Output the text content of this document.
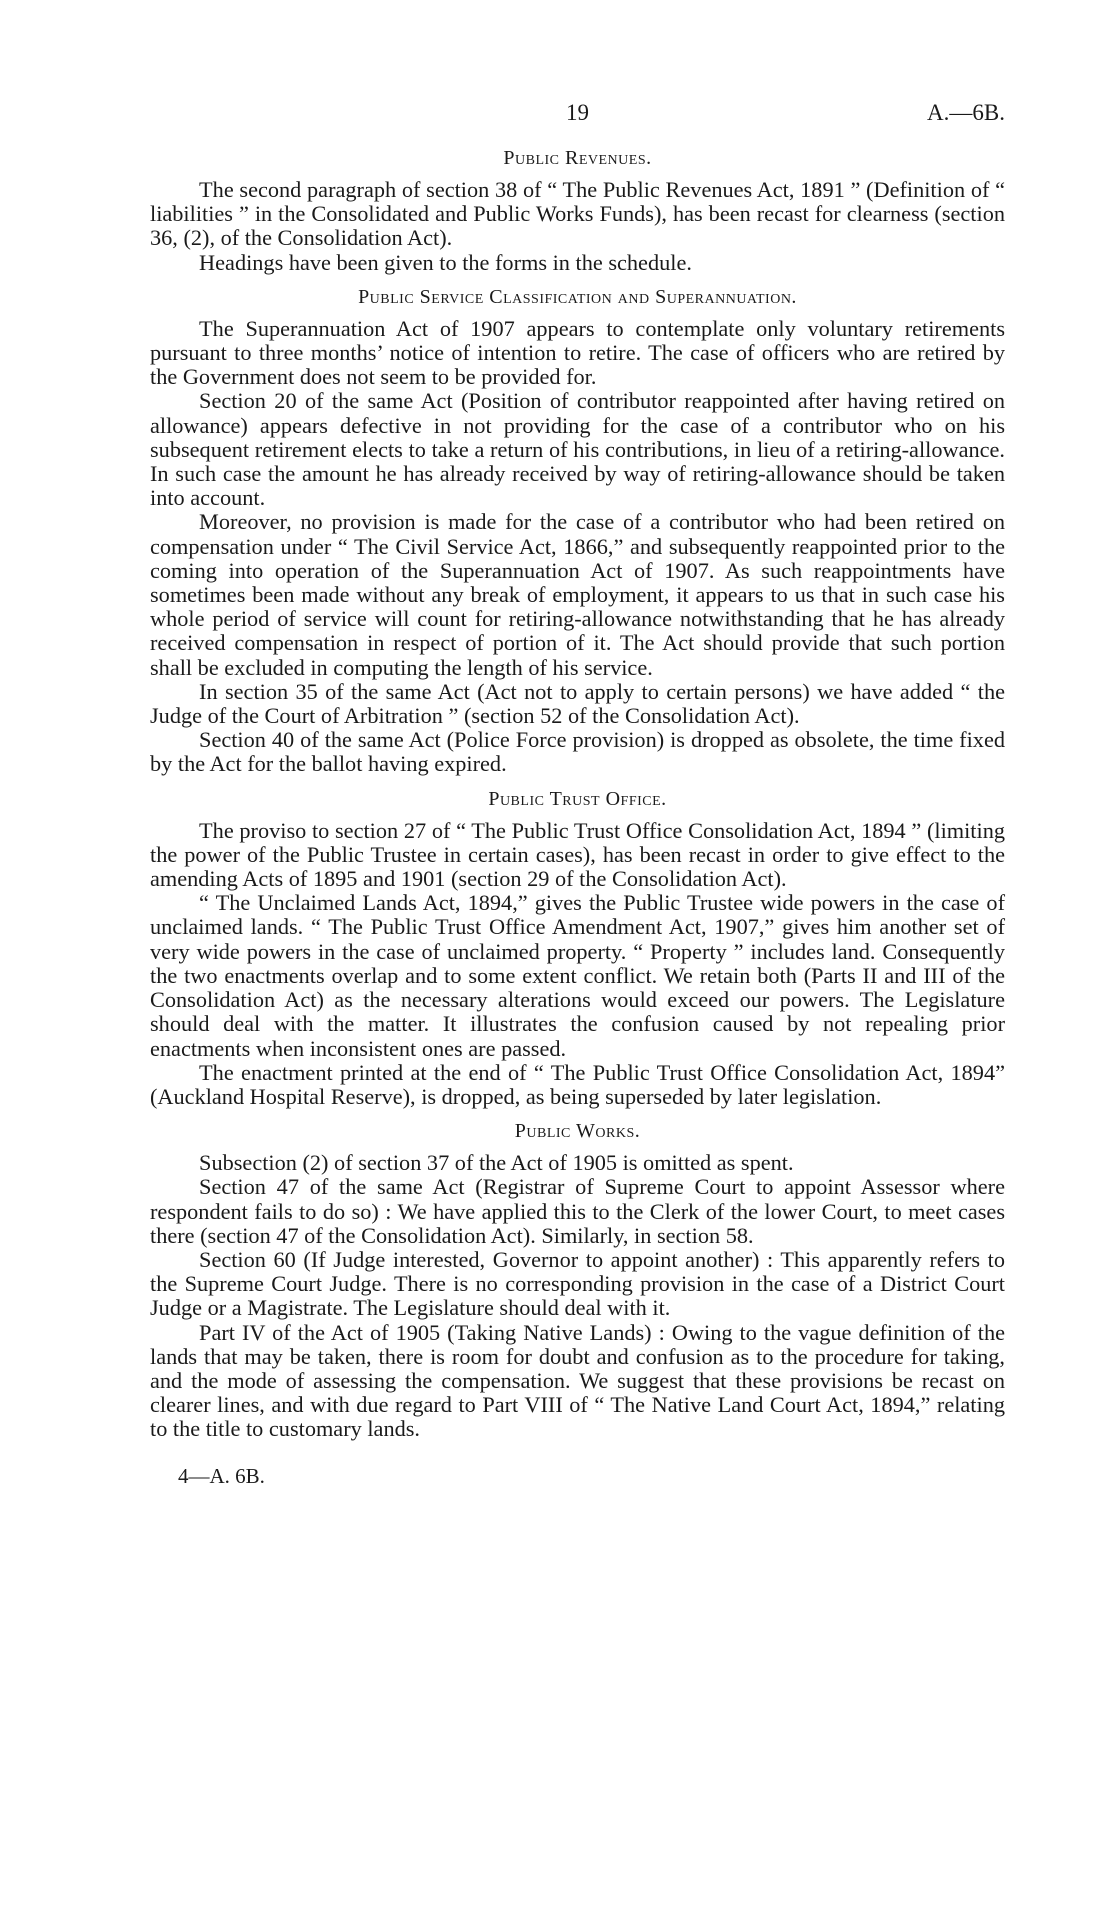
19	A.—6B.
Public Revenues.

The second paragraph of section 38 of “ The Public Revenues Act, 1891 ” (Definition of “ liabilities ” in the Consolidated and Public Works Funds), has been recast for clearness (section 36, (2), of the Consolidation Act).

Headings have been given to the forms in the schedule.

Public Service Classification and Superannuation.

The Superannuation Act of 1907 appears to contemplate only voluntary retirements pursuant to three months’ notice of intention to retire. The case of officers who are retired by the Government does not seem to be provided for.

Section 20 of the same Act (Position of contributor reappointed after having retired on allowance) appears defective in not providing for the case of a contributor who on his subsequent retirement elects to take a return of his contributions, in lieu of a retiring-allowance. In such case the amount he has already received by way of retiring-allowance should be taken into account.

Moreover, no provision is made for the case of a contributor who had been retired on compensation under “ The Civil Service Act, 1866,” and subsequently reappointed prior to the coming into operation of the Superannuation Act of 1907. As such reappointments have sometimes been made without any break of employment, it appears to us that in such case his whole period of service will count for retiring-allowance notwithstanding that he has already received compensation in respect of portion of it. The Act should provide that such portion shall be excluded in computing the length of his service.

In section 35 of the same Act (Act not to apply to certain persons) we have added “ the Judge of the Court of Arbitration ” (section 52 of the Consolidation Act).

Section 40 of the same Act (Police Force provision) is dropped as obsolete, the time fixed by the Act for the ballot having expired.

Public Trust Office.

The proviso to section 27 of “ The Public Trust Office Consolidation Act, 1894 ” (limiting the power of the Public Trustee in certain cases), has been recast in order to give effect to the amending Acts of 1895 and 1901 (section 29 of the Consolidation Act).

“ The Unclaimed Lands Act, 1894,” gives the Public Trustee wide powers in the case of unclaimed lands. “ The Public Trust Office Amendment Act, 1907,” gives him another set of very wide powers in the case of unclaimed property. “ Property ” includes land. Consequently the two enactments overlap and to some extent conflict. We retain both (Parts II and III of the Consolidation Act) as the necessary alterations would exceed our powers. The Legislature should deal with the matter. It illustrates the confusion caused by not repealing prior enactments when inconsistent ones are passed.

The enactment printed at the end of “ The Public Trust Office Consolidation Act, 1894” (Auckland Hospital Reserve), is dropped, as being superseded by later legislation.

Public Works.

Subsection (2) of section 37 of the Act of 1905 is omitted as spent.

Section 47 of the same Act (Registrar of Supreme Court to appoint Assessor where respondent fails to do so) : We have applied this to the Clerk of the lower Court, to meet cases there (section 47 of the Consolidation Act). Similarly, in section 58.

Section 60 (If Judge interested, Governor to appoint another) : This apparently refers to the Supreme Court Judge. There is no corresponding provision in the case of a District Court Judge or a Magistrate. The Legislature should deal with it.

Part IV of the Act of 1905 (Taking Native Lands) : Owing to the vague definition of the lands that may be taken, there is room for doubt and confusion as to the procedure for taking, and the mode of assessing the compensation. We suggest that these provisions be recast on clearer lines, and with due regard to Part VIII of “ The Native Land Court Act, 1894,” relating to the title to customary lands.

4—A. 6B.
